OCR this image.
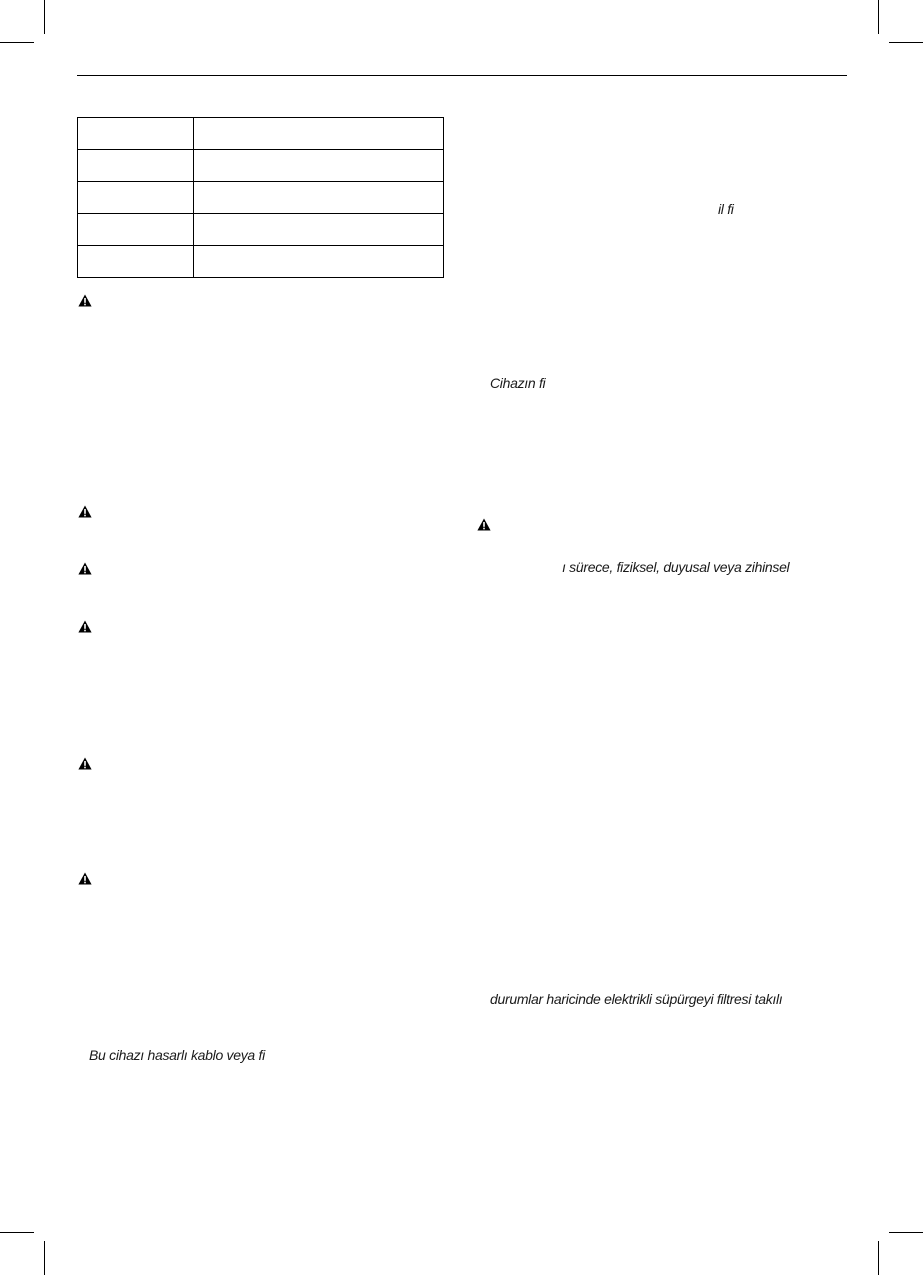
il fi
Cihazın fi
ı sürece, fiziksel, duyusal veya zihinsel
durumlar haricinde elektrikli süpürgeyi filtresi takılı
Bu cihazı hasarlı kablo veya fi
